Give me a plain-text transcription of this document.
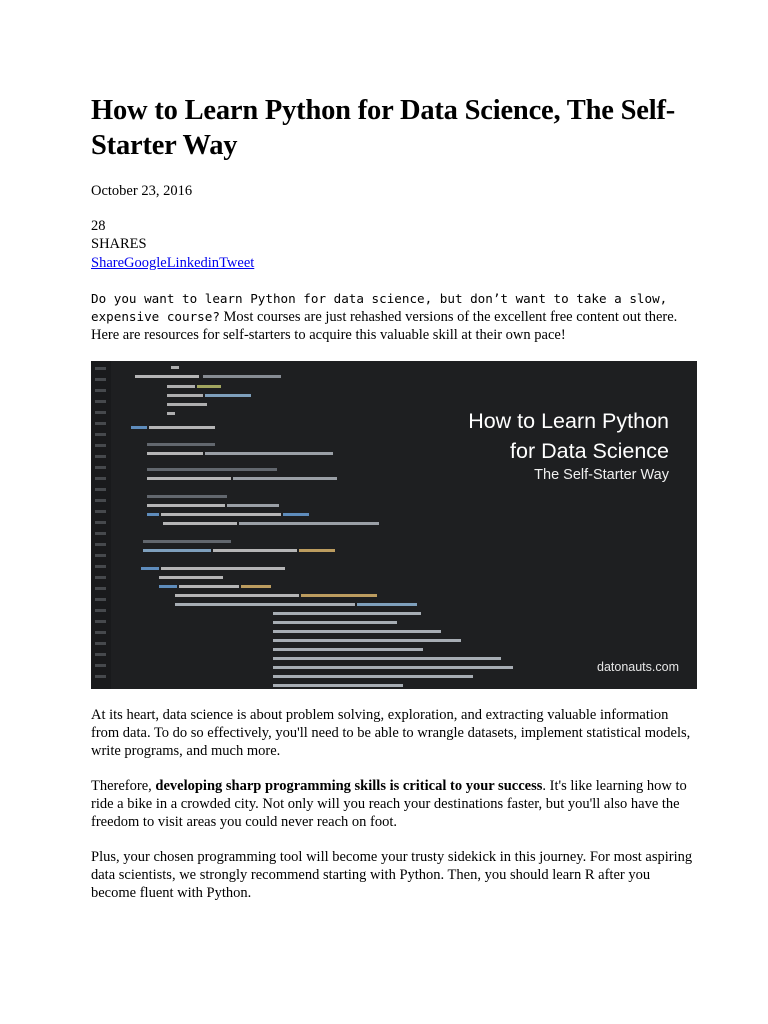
How to Learn Python for Data Science, The Self-Starter Way
October 23, 2016
28
SHARES
ShareGoogleLinkedinTweet

Do you want to learn Python for data science, but don’t want to take a slow, expensive course? Most courses are just rehashed versions of the excellent free content out there. Here are resources for self-starters to acquire this valuable skill at their own pace!

How to Learn Python
for Data Science
The Self-Starter Way
datonauts.com

At its heart, data science is about problem solving, exploration, and extracting valuable information from data. To do so effectively, you'll need to be able to wrangle datasets, implement statistical models, write programs, and much more.

Therefore, developing sharp programming skills is critical to your success. It's like learning how to ride a bike in a crowded city. Not only will you reach your destinations faster, but you'll also have the freedom to visit areas you could never reach on foot.

Plus, your chosen programming tool will become your trusty sidekick in this journey. For most aspiring data scientists, we strongly recommend starting with Python. Then, you should learn R after you become fluent with Python.
